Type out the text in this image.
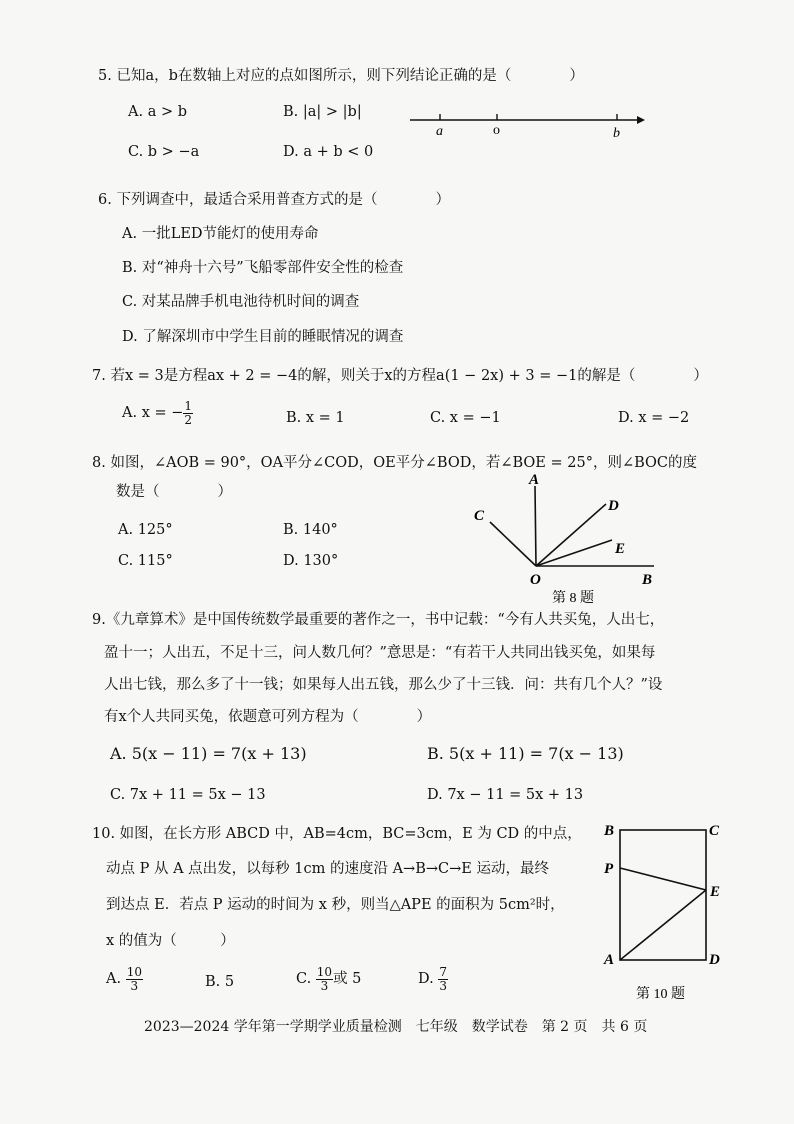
5. 已知a，b在数轴上对应的点如图所示，则下列结论正确的是（　　　　）
A. a > b	B. |a| > |b|
C. b > −a	D. a + b < 0
a	o	b
6. 下列调查中，最适合采用普查方式的是（　　　　）
A. 一批LED节能灯的使用寿命
B. 对“神舟十六号”飞船零部件安全性的检查
C. 对某品牌手机电池待机时间的调查
D. 了解深圳市中学生目前的睡眠情况的调查
7. 若x = 3是方程ax + 2 = −4的解，则关于x的方程a(1 − 2x) + 3 = −1的解是（　　　　）
A. x = − $\frac{1}{2}$	B. x = 1	C. x = −1	D. x = −2
8. 如图，∠AOB = 90°，OA平分∠COD，OE平分∠BOD，若∠BOE = 25°，则∠BOC的度
数是（　　　　）
A. 125°	B. 140°
C. 115°	D. 130°
A
C
D
E
O	B
第 8 题
9.《九章算术》是中国传统数学最重要的著作之一，书中记载：“今有人共买兔，人出七，
盈十一；人出五，不足十三，问人数几何？”意思是：“有若干人共同出钱买兔，如果每
人出七钱，那么多了十一钱；如果每人出五钱，那么少了十三钱．问：共有几个人？”设
有x个人共同买兔，依题意可列方程为（　　　　）
A. 5(x − 11) = 7(x + 13)	B. 5(x + 11) = 7(x − 13)
C. 7x + 11 = 5x − 13	D. 7x − 11 = 5x + 13
10. 如图，在长方形 ABCD 中，AB=4cm，BC=3cm，E 为 CD 的中点，
动点 P 从 A 点出发，以每秒 1cm 的速度沿 A→B→C→E 运动，最终
到达点 E．若点 P 运动的时间为 x 秒，则当△APE 的面积为 5cm²时，
x 的值为（　　　）
A. $\frac{10}{3}$	B. 5	C. $\frac{10}{3}$ 或 5	D. $\frac{7}{3}$
B	C
P
E
A	D
第 10 题
2023—2024 学年第一学期学业质量检测　七年级　数学试卷　第 2 页　共 6 页
